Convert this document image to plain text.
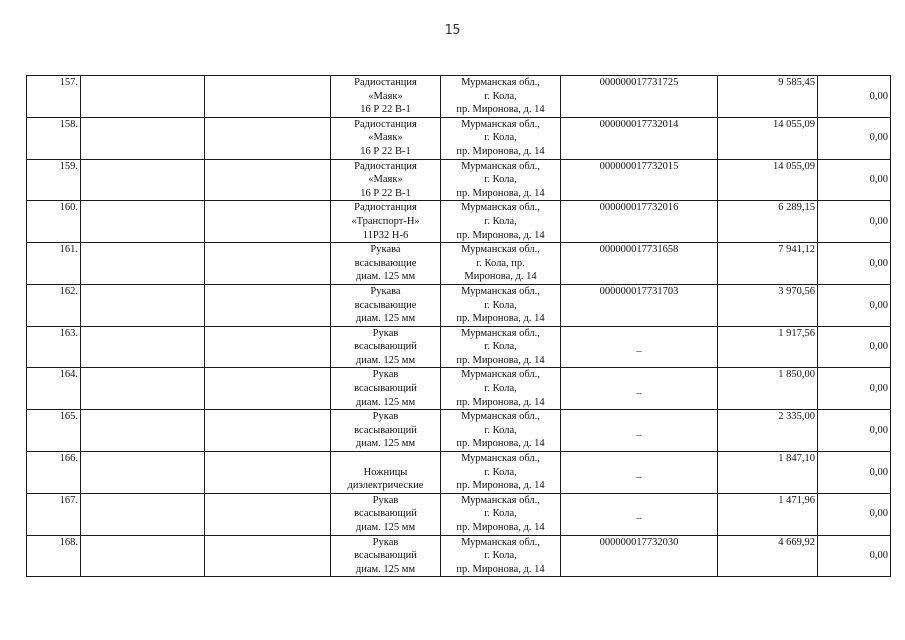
15
157.			Радиостанция
«Маяк»
16 Р 22 В-1	Мурманская обл.,
г. Кола,
пр. Миронова, д. 14	000000017731725	9 585,45	0,00
158.			Радиостанция
«Маяк»
16 Р 22 В-1	Мурманская обл.,
г. Кола,
пр. Миронова, д. 14	000000017732014	14 055,09	0,00
159.			Радиостанция
«Маяк»
16 Р 22 В-1	Мурманская обл.,
г. Кола,
пр. Миронова, д. 14	000000017732015	14 055,09	0,00
160.			Радиостанция
«Транспорт-Н»
11Р32 Н-6	Мурманская обл.,
г. Кола,
пр. Миронова, д. 14	000000017732016	6 289,15	0,00
161.			Рукава
всасывающие
диам. 125 мм	Мурманская обл.,
г. Кола, пр.
Миронова, д. 14	000000017731658	7 941,12	0,00
162.			Рукава
всасывающие
диам. 125 мм	Мурманская обл.,
г. Кола,
пр. Миронова, д. 14	000000017731703	3 970,56	0,00
163.			Рукав
всасывающий
диам. 125 мм	Мурманская обл.,
г. Кола,
пр. Миронова, д. 14	–	1 917,56	0,00
164.			Рукав
всасывающий
диам. 125 мм	Мурманская обл.,
г. Кола,
пр. Миронова, д. 14	–	1 850,00	0,00
165.			Рукав
всасывающий
диам. 125 мм	Мурманская обл.,
г. Кола,
пр. Миронова, д. 14	–	2 335,00	0,00
166.			Ножницы
диэлектрические	Мурманская обл.,
г. Кола,
пр. Миронова, д. 14	–	1 847,10	0,00
167.			Рукав
всасывающий
диам. 125 мм	Мурманская обл.,
г. Кола,
пр. Миронова, д. 14	–	1 471,96	0,00
168.			Рукав
всасывающий
диам. 125 мм	Мурманская обл.,
г. Кола,
пр. Миронова, д. 14	000000017732030	4 669,92	0,00
